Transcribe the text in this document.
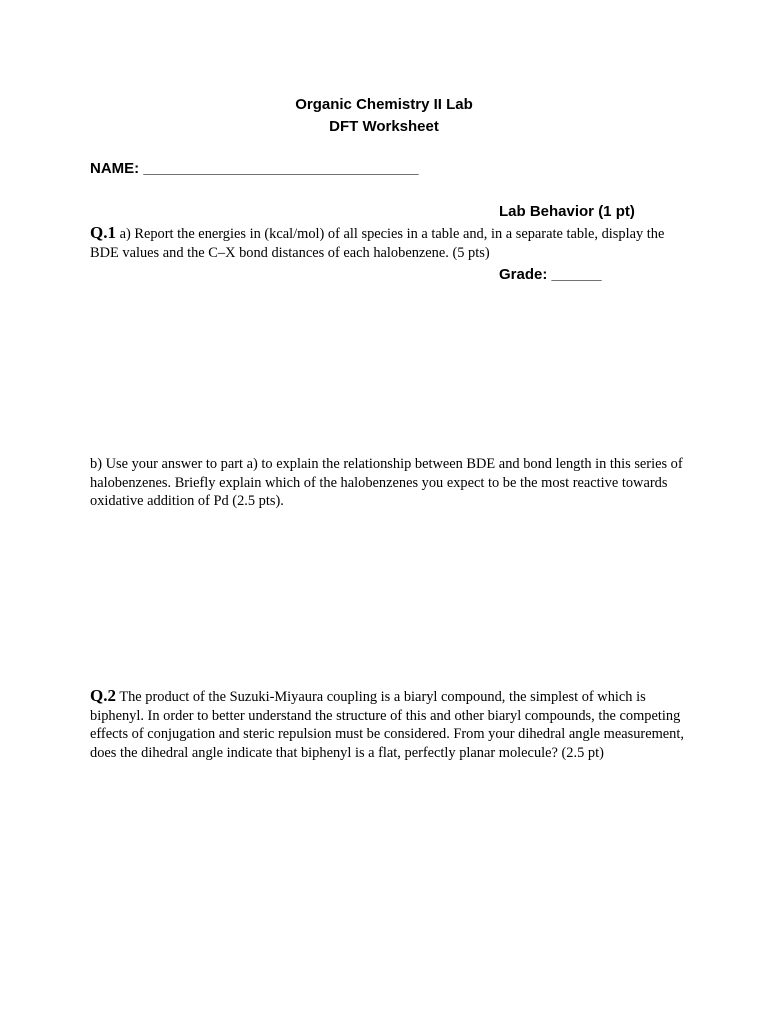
Organic Chemistry II Lab
DFT Worksheet
NAME: _________________________________

Lab Behavior (1 pt)

Grade: ______

Q.1 a) Report the energies in (kcal/mol) of all species in a table and, in a separate table, display the BDE values and the C–X bond distances of each halobenzene. (5 pts)
b) Use your answer to part a) to explain the relationship between BDE and bond length in this series of halobenzenes. Briefly explain which of the halobenzenes you expect to be the most reactive towards oxidative addition of Pd (2.5 pts).
Q.2 The product of the Suzuki-Miyaura coupling is a biaryl compound, the simplest of which is biphenyl. In order to better understand the structure of this and other biaryl compounds, the competing effects of conjugation and steric repulsion must be considered. From your dihedral angle measurement, does the dihedral angle indicate that biphenyl is a flat, perfectly planar molecule? (2.5 pt)
